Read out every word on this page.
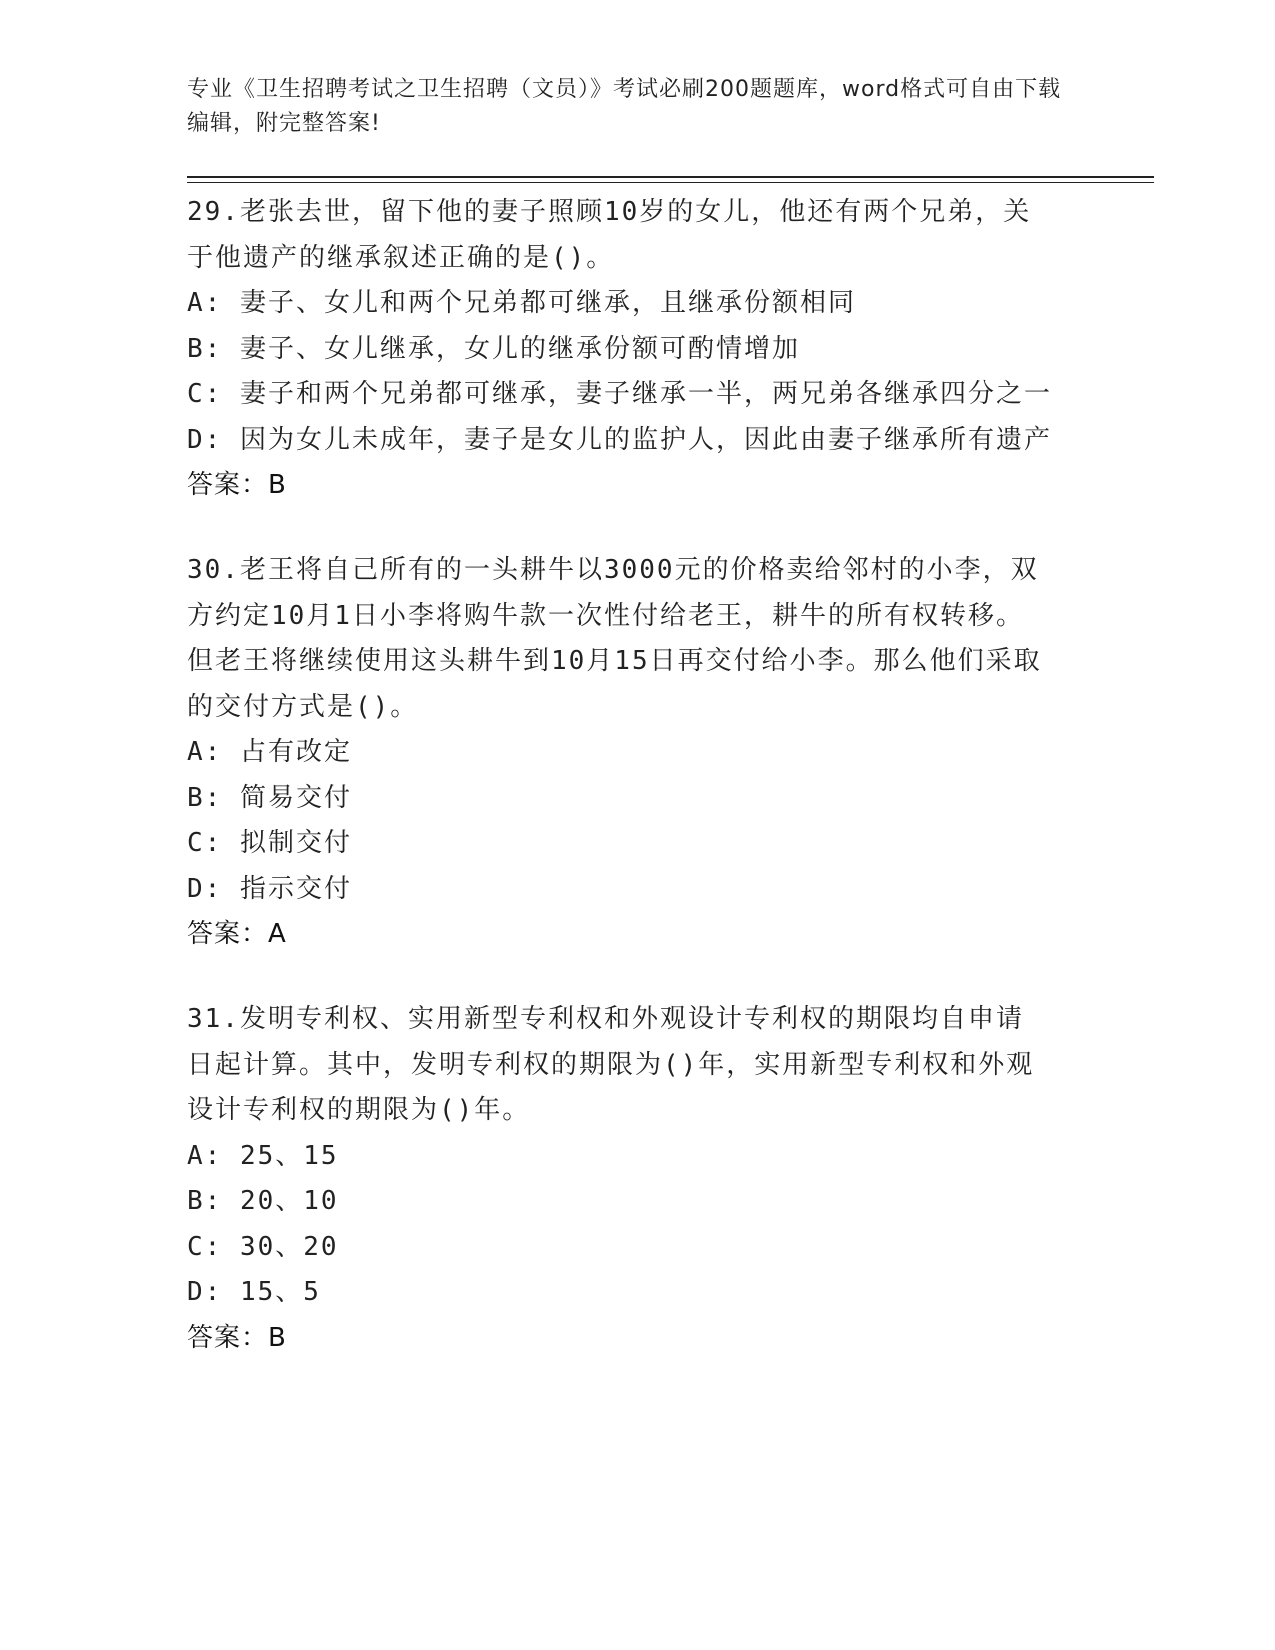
专业《卫生招聘考试之卫生招聘（文员）》考试必刷200题题库，word格式可自由下载编辑，附完整答案!
29.老张去世，留下他的妻子照顾10岁的女儿，他还有两个兄弟，关于他遗产的继承叙述正确的是()。
A: 妻子、女儿和两个兄弟都可继承，且继承份额相同
B: 妻子、女儿继承，女儿的继承份额可酌情增加
C: 妻子和两个兄弟都可继承，妻子继承一半，两兄弟各继承四分之一
D: 因为女儿未成年，妻子是女儿的监护人，因此由妻子继承所有遗产
答案：B
30.老王将自己所有的一头耕牛以3000元的价格卖给邻村的小李，双方约定10月1日小李将购牛款一次性付给老王，耕牛的所有权转移。但老王将继续使用这头耕牛到10月15日再交付给小李。那么他们采取的交付方式是()。
A: 占有改定
B: 简易交付
C: 拟制交付
D: 指示交付
答案：A
31.发明专利权、实用新型专利权和外观设计专利权的期限均自申请日起计算。其中，发明专利权的期限为()年，实用新型专利权和外观设计专利权的期限为()年。
A: 25、15
B: 20、10
C: 30、20
D: 15、5
答案：B
